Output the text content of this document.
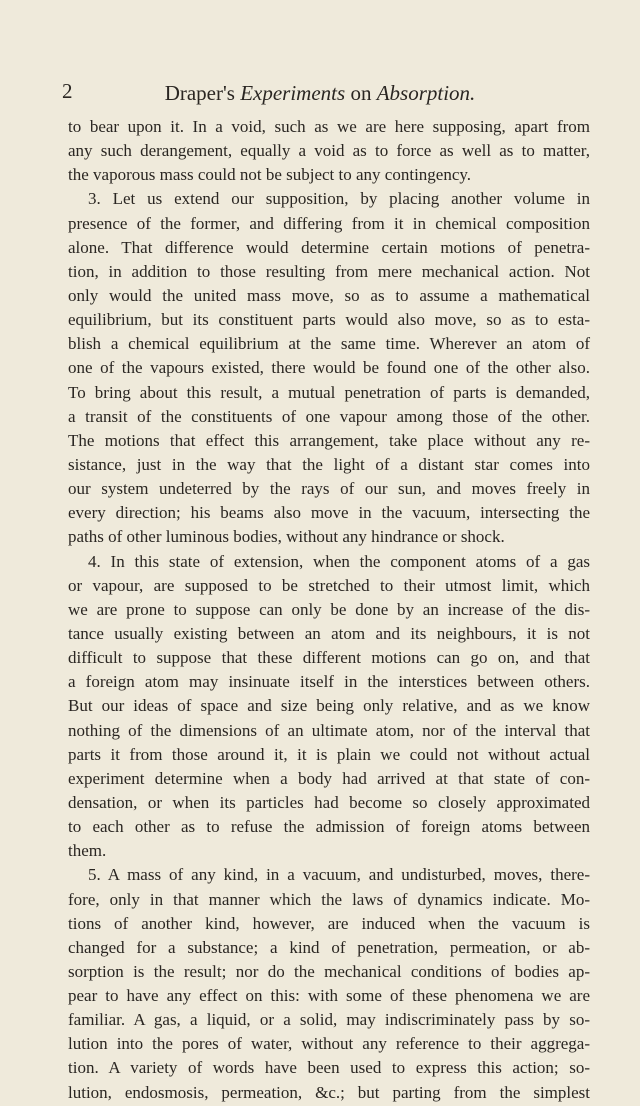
2	Draper's Experiments on Absorption.
to bear upon it. In a void, such as we are here supposing, apart from
any such derangement, equally a void as to force as well as to matter,
the vaporous mass could not be subject to any contingency.
3. Let us extend our supposition, by placing another volume in
presence of the former, and differing from it in chemical composition
alone. That difference would determine certain motions of penetra-
tion, in addition to those resulting from mere mechanical action. Not
only would the united mass move, so as to assume a mathematical
equilibrium, but its constituent parts would also move, so as to esta-
blish a chemical equilibrium at the same time. Wherever an atom of
one of the vapours existed, there would be found one of the other also.
To bring about this result, a mutual penetration of parts is demanded,
a transit of the constituents of one vapour among those of the other.
The motions that effect this arrangement, take place without any re-
sistance, just in the way that the light of a distant star comes into
our system undeterred by the rays of our sun, and moves freely in
every direction; his beams also move in the vacuum, intersecting the
paths of other luminous bodies, without any hindrance or shock.
4. In this state of extension, when the component atoms of a gas
or vapour, are supposed to be stretched to their utmost limit, which
we are prone to suppose can only be done by an increase of the dis-
tance usually existing between an atom and its neighbours, it is not
difficult to suppose that these different motions can go on, and that
a foreign atom may insinuate itself in the interstices between others.
But our ideas of space and size being only relative, and as we know
nothing of the dimensions of an ultimate atom, nor of the interval that
parts it from those around it, it is plain we could not without actual
experiment determine when a body had arrived at that state of con-
densation, or when its particles had become so closely approximated
to each other as to refuse the admission of foreign atoms between
them.
5. A mass of any kind, in a vacuum, and undisturbed, moves, there-
fore, only in that manner which the laws of dynamics indicate. Mo-
tions of another kind, however, are induced when the vacuum is
changed for a substance; a kind of penetration, permeation, or ab-
sorption is the result; nor do the mechanical conditions of bodies ap-
pear to have any effect on this: with some of these phenomena we are
familiar. A gas, a liquid, or a solid, may indiscriminately pass by so-
lution into the pores of water, without any reference to their aggrega-
tion. A variety of words have been used to express this action; so-
lution, endosmosis, permeation, &c.; but parting from the simplest
